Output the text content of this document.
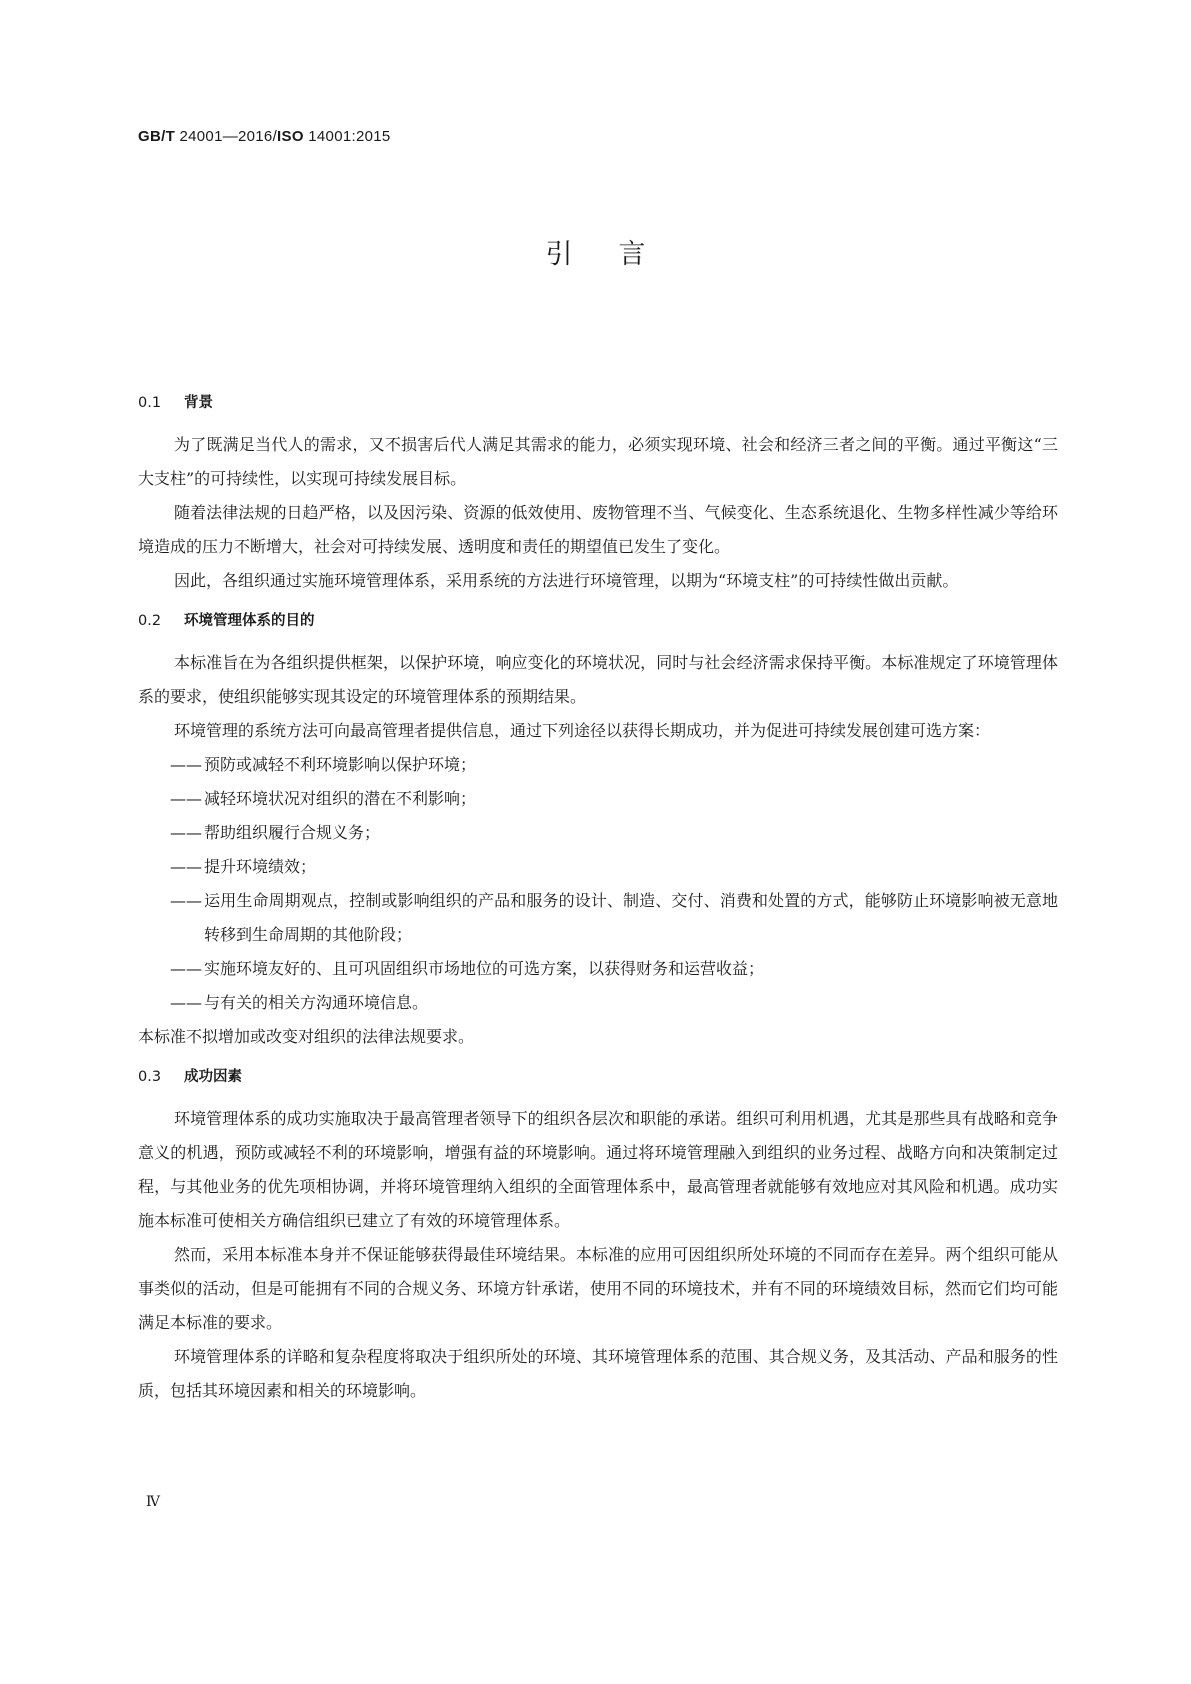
GB/T 24001—2016/ISO 14001:2015
引言
0.1 背景

为了既满足当代人的需求，又不损害后代人满足其需求的能力，必须实现环境、社会和经济三者之间的平衡。通过平衡这“三大支柱”的可持续性，以实现可持续发展目标。

随着法律法规的日趋严格，以及因污染、资源的低效使用、废物管理不当、气候变化、生态系统退化、生物多样性减少等给环境造成的压力不断增大，社会对可持续发展、透明度和责任的期望值已发生了变化。

因此，各组织通过实施环境管理体系，采用系统的方法进行环境管理，以期为“环境支柱”的可持续性做出贡献。

0.2 环境管理体系的目的

本标准旨在为各组织提供框架，以保护环境，响应变化的环境状况，同时与社会经济需求保持平衡。本标准规定了环境管理体系的要求，使组织能够实现其设定的环境管理体系的预期结果。

环境管理的系统方法可向最高管理者提供信息，通过下列途径以获得长期成功，并为促进可持续发展创建可选方案：

—— 预防或减轻不利环境影响以保护环境；
—— 减轻环境状况对组织的潜在不利影响；
—— 帮助组织履行合规义务；
—— 提升环境绩效；
—— 运用生命周期观点，控制或影响组织的产品和服务的设计、制造、交付、消费和处置的方式，能够防止环境影响被无意地转移到生命周期的其他阶段；
—— 实施环境友好的、且可巩固组织市场地位的可选方案，以获得财务和运营收益；
—— 与有关的相关方沟通环境信息。

本标准不拟增加或改变对组织的法律法规要求。

0.3 成功因素

环境管理体系的成功实施取决于最高管理者领导下的组织各层次和职能的承诺。组织可利用机遇，尤其是那些具有战略和竞争意义的机遇，预防或减轻不利的环境影响，增强有益的环境影响。通过将环境管理融入到组织的业务过程、战略方向和决策制定过程，与其他业务的优先项相协调，并将环境管理纳入组织的全面管理体系中，最高管理者就能够有效地应对其风险和机遇。成功实施本标准可使相关方确信组织已建立了有效的环境管理体系。

然而，采用本标准本身并不保证能够获得最佳环境结果。本标准的应用可因组织所处环境的不同而存在差异。两个组织可能从事类似的活动，但是可能拥有不同的合规义务、环境方针承诺，使用不同的环境技术，并有不同的环境绩效目标，然而它们均可能满足本标准的要求。

环境管理体系的详略和复杂程度将取决于组织所处的环境、其环境管理体系的范围、其合规义务，及其活动、产品和服务的性质，包括其环境因素和相关的环境影响。

Ⅳ
